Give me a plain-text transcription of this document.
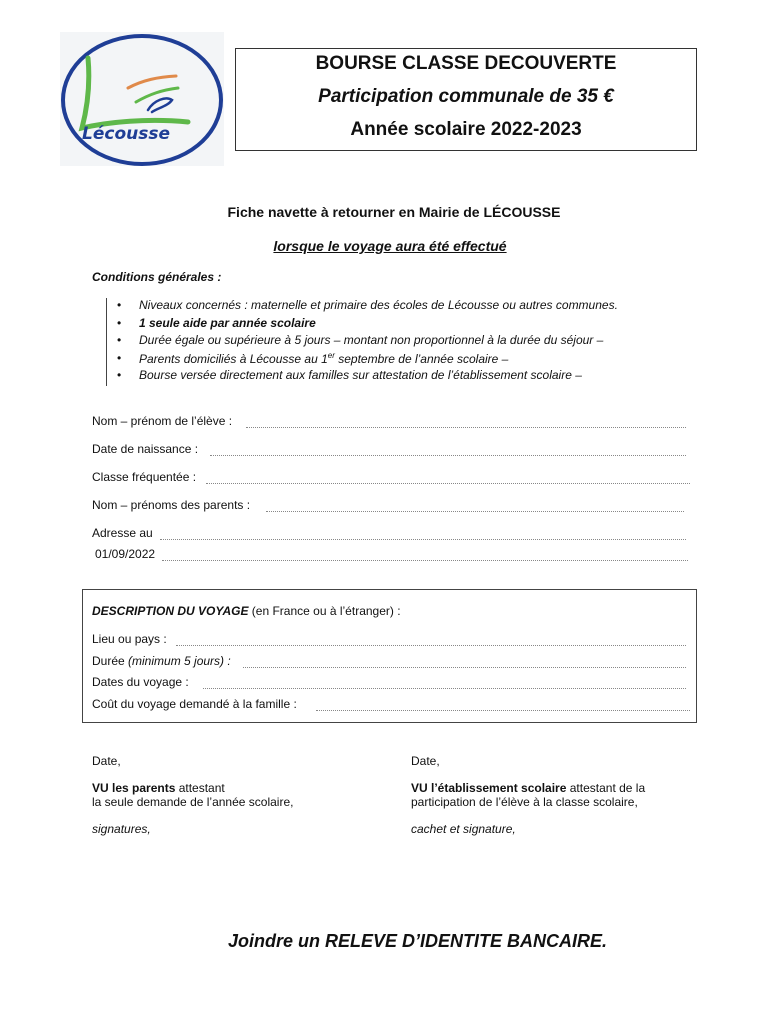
Lécousse
BOURSE CLASSE DECOUVERTE
Participation communale de 35 €
Année scolaire 2022-2023
Fiche navette à retourner en Mairie de LÉCOUSSE
lorsque le voyage aura été effectué
Conditions générales :
• Niveaux concernés : maternelle et primaire des écoles de Lécousse ou autres communes.
• 1 seule aide par année scolaire
• Durée égale ou supérieure à 5 jours – montant non proportionnel à la durée du séjour –
• Parents domiciliés à Lécousse au 1er septembre de l’année scolaire –
• Bourse versée directement aux familles sur attestation de l’établissement scolaire –
Nom – prénom de l’élève :
Date de naissance :
Classe fréquentée :
Nom – prénoms des parents :
Adresse au
01/09/2022
DESCRIPTION DU VOYAGE (en France ou à l’étranger) :
Lieu ou pays :
Durée (minimum 5 jours) :
Dates du voyage :
Coût du voyage demandé à la famille :
Date,
VU les parents attestant
la seule demande de l’année scolaire,
signatures,
Date,
VU l’établissement scolaire attestant de la
participation de l’élève à la classe scolaire,
cachet et signature,
Joindre un RELEVE D’IDENTITE BANCAIRE.
